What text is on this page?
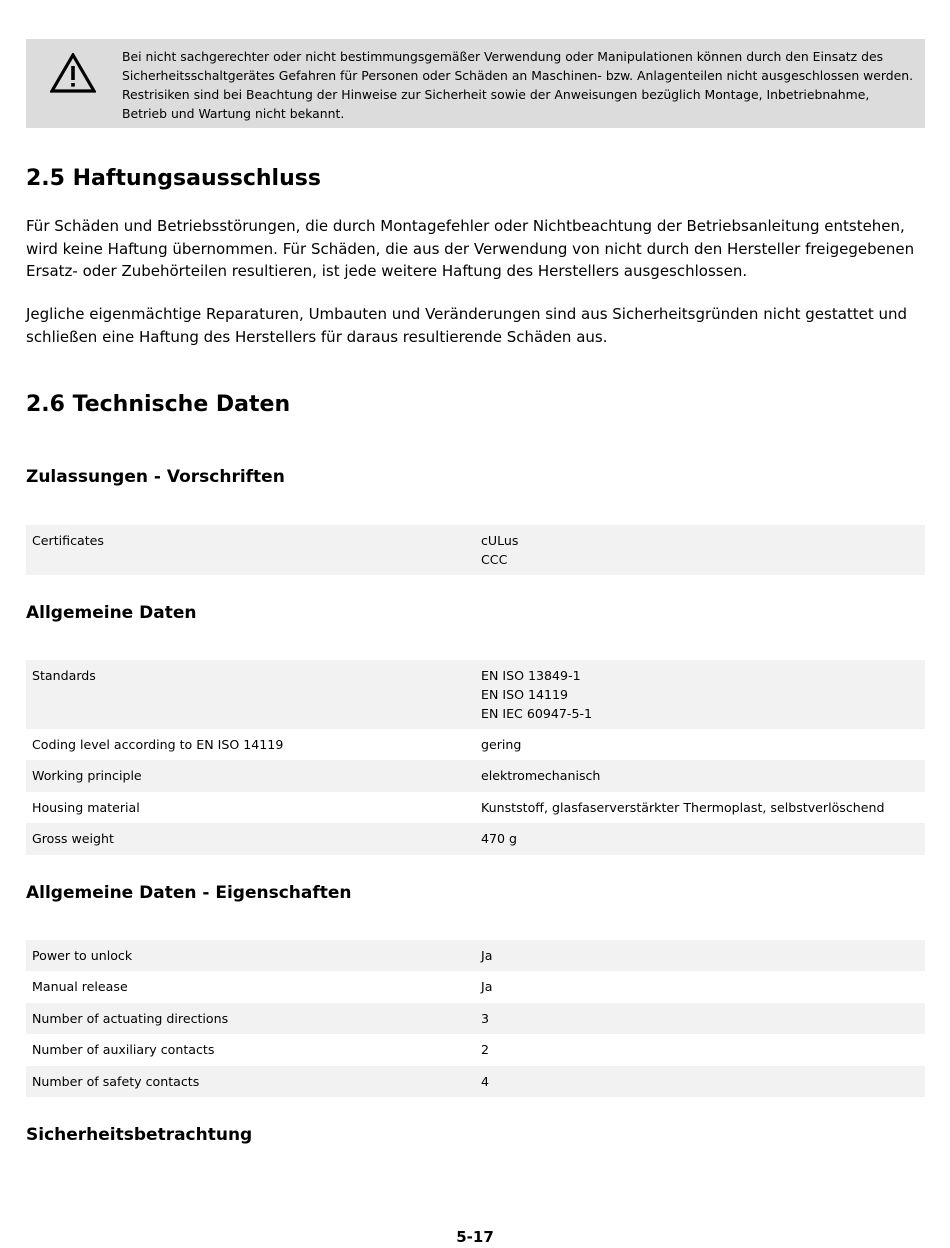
Bei nicht sachgerechter oder nicht bestimmungsgemäßer Verwendung oder Manipulationen können durch den Einsatz des
Sicherheitsschaltgerätes Gefahren für Personen oder Schäden an Maschinen- bzw. Anlagenteilen nicht ausgeschlossen werden.
Restrisiken sind bei Beachtung der Hinweise zur Sicherheit sowie der Anweisungen bezüglich Montage, Inbetriebnahme,
Betrieb und Wartung nicht bekannt.
2.5 Haftungsausschluss

Für Schäden und Betriebsstörungen, die durch Montagefehler oder Nichtbeachtung der Betriebsanleitung entstehen, wird keine Haftung übernommen. Für Schäden, die aus der Verwendung von nicht durch den Hersteller freigegebenen Ersatz- oder Zubehörteilen resultieren, ist jede weitere Haftung des Herstellers ausgeschlossen.

Jegliche eigenmächtige Reparaturen, Umbauten und Veränderungen sind aus Sicherheitsgründen nicht gestattet und schließen eine Haftung des Herstellers für daraus resultierende Schäden aus.

2.6 Technische Daten
Zulassungen - Vorschriften
Certificates	cULus
CCC
Allgemeine Daten
Standards	EN ISO 13849-1
EN ISO 14119
EN IEC 60947-5-1

Coding level according to EN ISO 14119	gering
Working principle	elektromechanisch
Housing material	Kunststoff, glasfaserverstärkter Thermoplast, selbstverlöschend
Gross weight	470 g
Allgemeine Daten - Eigenschaften
Power to unlock	Ja
Manual release	Ja
Number of actuating directions	3
Number of auxiliary contacts	2
Number of safety contacts	4
Sicherheitsbetrachtung
5-17
